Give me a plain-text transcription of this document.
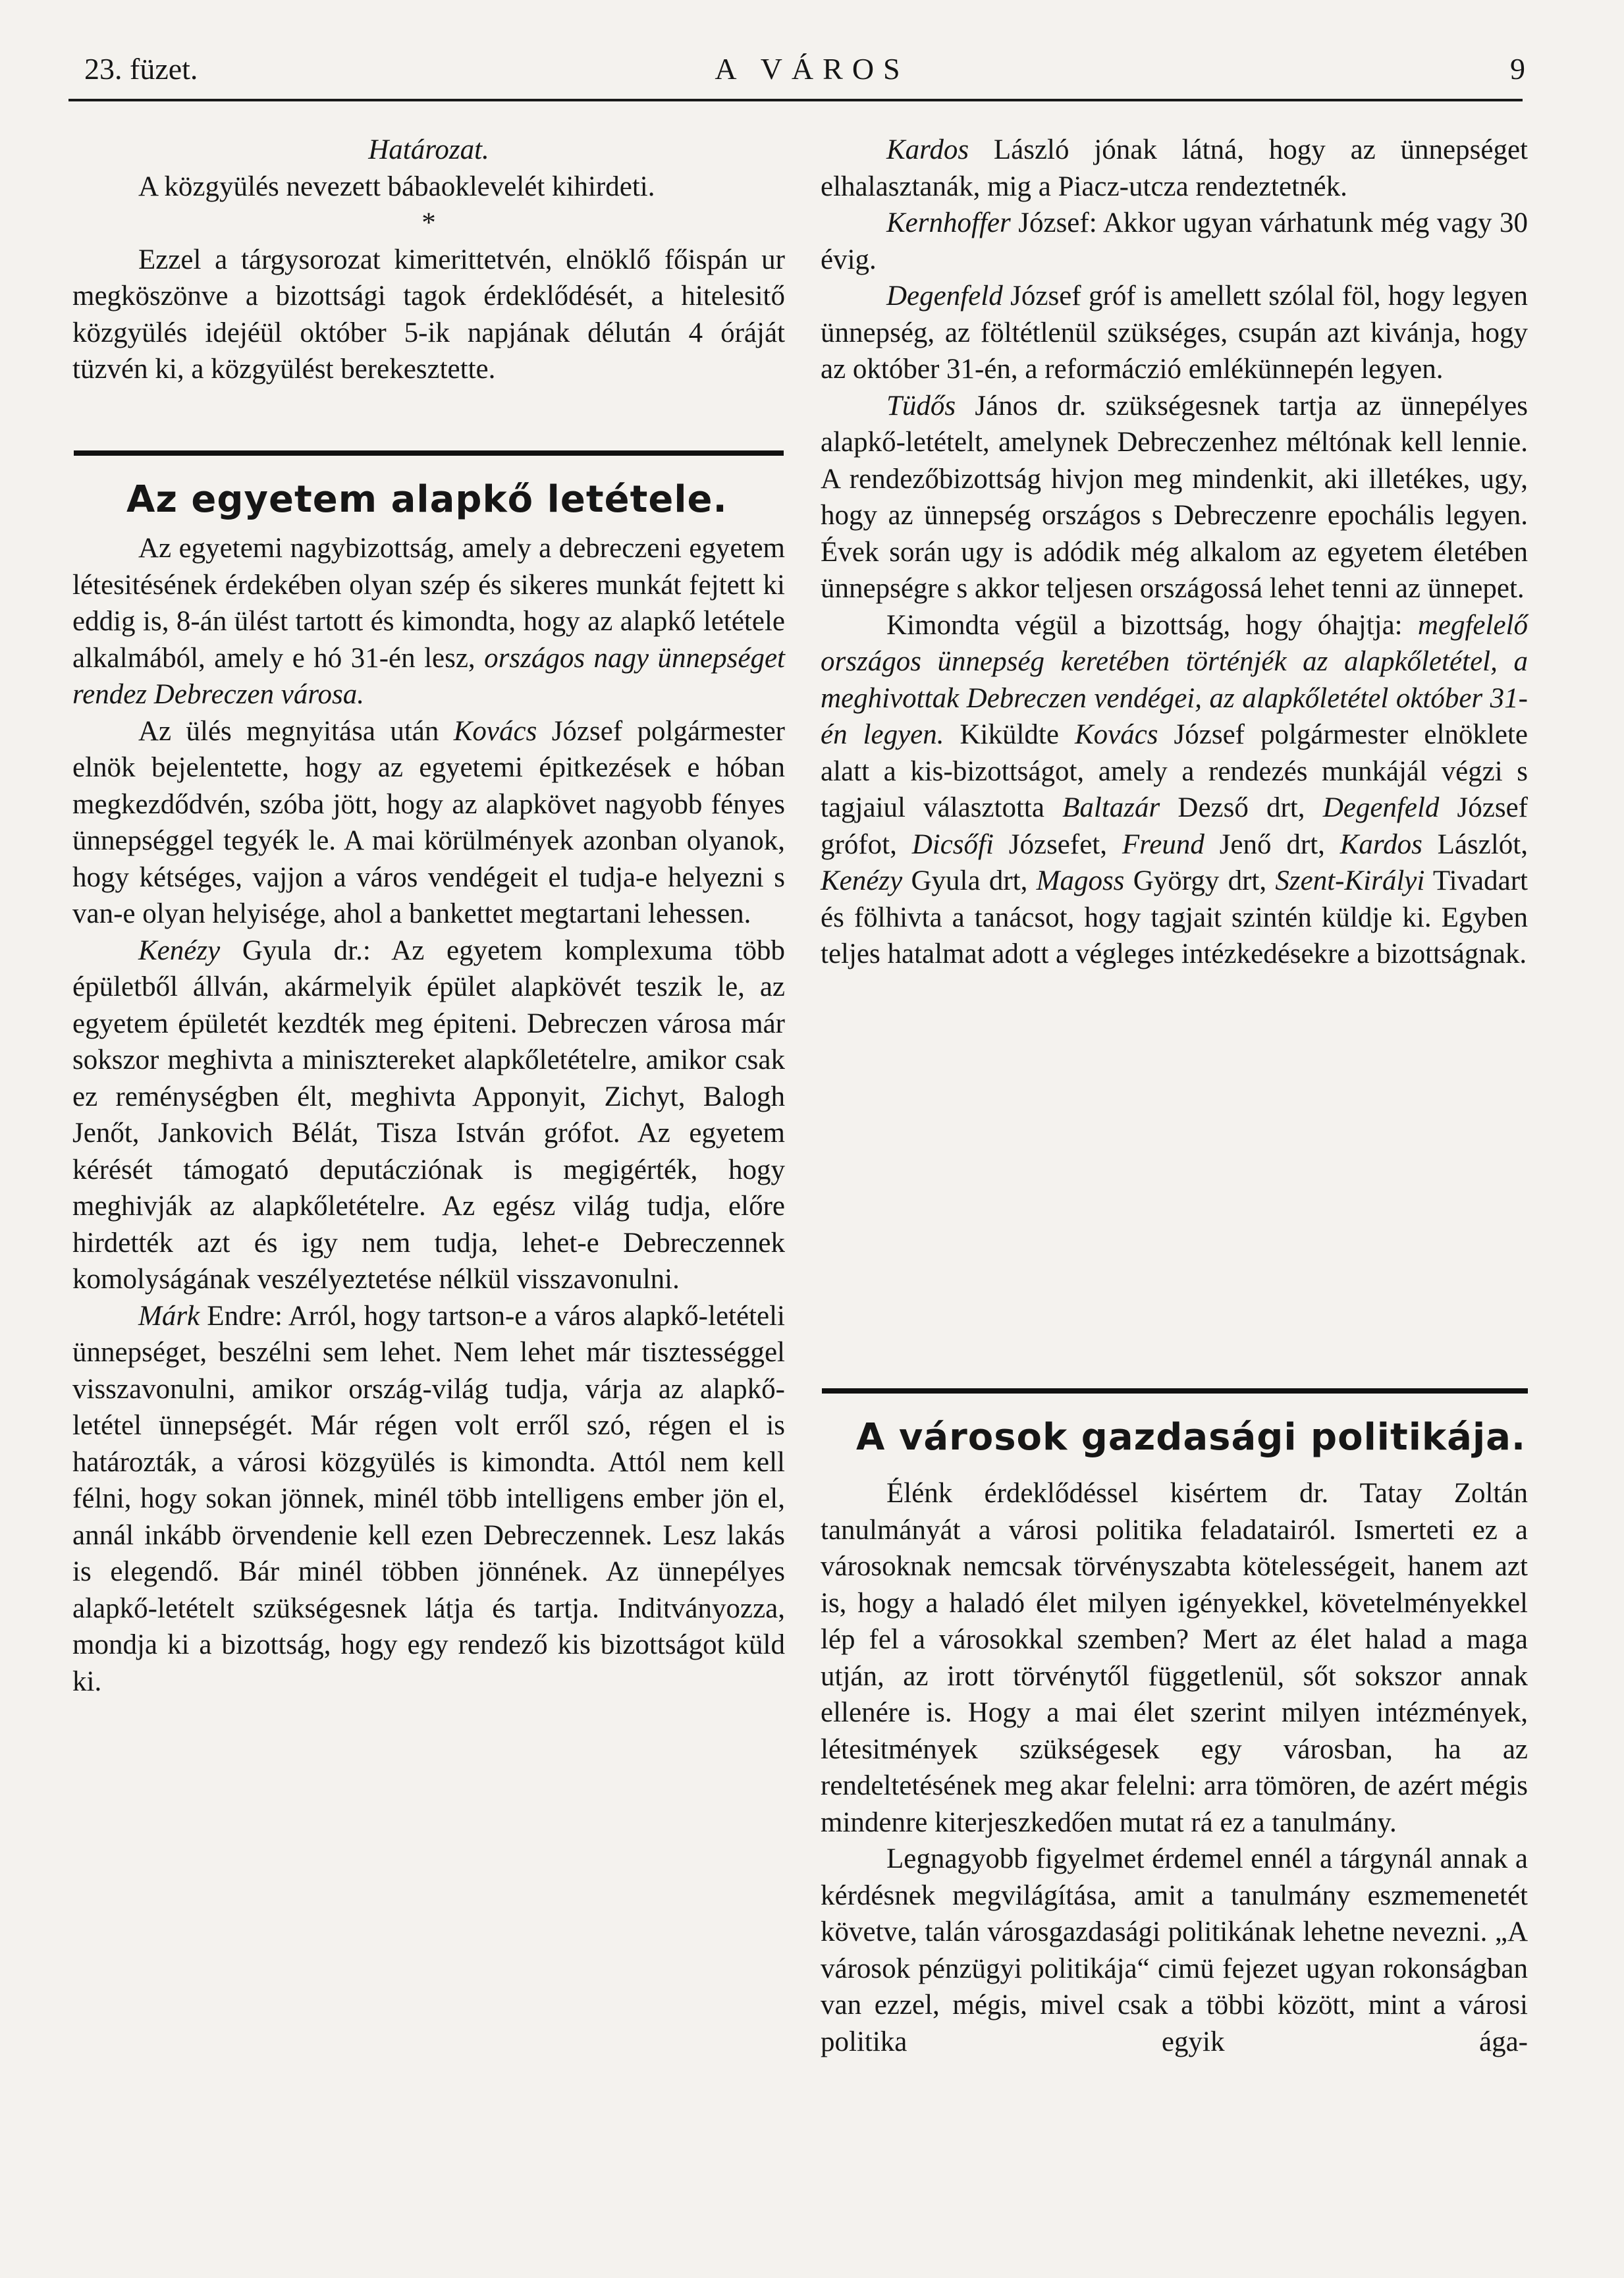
23. füzet.	A VÁROS	9

Határozat.

A közgyülés nevezett bábaoklevelét kihirdeti.

*

Ezzel a tárgysorozat kimerittetvén, elnöklő főispán ur megköszönve a bizottsági tagok érdeklődését, a hitelesitő közgyülés idejéül október 5-ik napjának délután 4 óráját tüzvén ki, a közgyülést berekesztette.

Az egyetem alapkő letétele.

Az egyetemi nagybizottság, amely a debreczeni egyetem létesitésének érdekében olyan szép és sikeres munkát fejtett ki eddig is, 8-án ülést tartott és kimondta, hogy az alapkő letétele alkalmából, amely e hó 31-én lesz, országos nagy ünnepséget rendez Debreczen városa.

Az ülés megnyitása után Kovács József polgármester elnök bejelentette, hogy az egyetemi épitkezések e hóban megkezdődvén, szóba jött, hogy az alapkövet nagyobb fényes ünnepséggel tegyék le. A mai körülmények azonban olyanok, hogy kétséges, vajjon a város vendégeit el tudja-e helyezni s van-e olyan helyisége, ahol a bankettet megtartani lehessen.

Kenézy Gyula dr.: Az egyetem komplexuma több épületből állván, akármelyik épület alapkövét teszik le, az egyetem épületét kezdték meg épiteni. Debreczen városa már sokszor meghivta a minisztereket alapkőletételre, amikor csak ez reménységben élt, meghivta Apponyit, Zichyt, Balogh Jenőt, Jankovich Bélát, Tisza István grófot. Az egyetem kérését támogató deputácziónak is megigérték, hogy meghivják az alapkőletételre. Az egész világ tudja, előre hirdették azt és igy nem tudja, lehet-e Debreczennek komolyságának veszélyeztetése nélkül visszavonulni.

Márk Endre: Arról, hogy tartson-e a város alapkő-letételi ünnepséget, beszélni sem lehet. Nem lehet már tisztességgel visszavonulni, amikor ország-világ tudja, várja az alapkő-letétel ünnepségét. Már régen volt erről szó, régen el is határozták, a városi közgyülés is kimondta. Attól nem kell félni, hogy sokan jönnek, minél több intelligens ember jön el, annál inkább örvendenie kell ezen Debreczennek. Lesz lakás is elegendő. Bár minél többen jönnének. Az ünnepélyes alapkő-letételt szükségesnek látja és tartja. Inditványozza, mondja ki a bizottság, hogy egy rendező kis bizottságot küld ki.

Kardos László jónak látná, hogy az ünnepséget elhalasztanák, mig a Piacz-utcza rendeztetnék.

Kernhoffer József: Akkor ugyan várhatunk még vagy 30 évig.

Degenfeld József gróf is amellett szólal föl, hogy legyen ünnepség, az föltétlenül szükséges, csupán azt kivánja, hogy az október 31-én, a reformáczió emlékünnepén legyen.

Tüdős János dr. szükségesnek tartja az ünnepélyes alapkő-letételt, amelynek Debreczenhez méltónak kell lennie. A rendezőbizottság hivjon meg mindenkit, aki illetékes, ugy, hogy az ünnepség országos s Debreczenre epochális legyen. Évek során ugy is adódik még alkalom az egyetem életében ünnepségre s akkor teljesen országossá lehet tenni az ünnepet.

Kimondta végül a bizottság, hogy óhajtja: megfelelő országos ünnepség keretében történjék az alapkőletétel, a meghivottak Debreczen vendégei, az alapkőletétel október 31-én legyen. Kiküldte Kovács József polgármester elnöklete alatt a kis-bizottságot, amely a rendezés munkájál végzi s tagjaiul választotta Baltazár Dezső drt, Degenfeld József grófot, Dicsőfi Józsefet, Freund Jenő drt, Kardos Lászlót, Kenézy Gyula drt, Magoss György drt, Szent-Királyi Tivadart és fölhivta a tanácsot, hogy tagjait szintén küldje ki. Egyben teljes hatalmat adott a végleges intézkedésekre a bizottságnak.

A városok gazdasági politikája.

Élénk érdeklődéssel kisértem dr. Tatay Zoltán tanulmányát a városi politika feladatairól. Ismerteti ez a városoknak nemcsak törvényszabta kötelességeit, hanem azt is, hogy a haladó élet milyen igényekkel, követelményekkel lép fel a városokkal szemben? Mert az élet halad a maga utján, az irott törvénytől függetlenül, sőt sokszor annak ellenére is. Hogy a mai élet szerint milyen intézmények, létesitmények szükségesek egy városban, ha az rendeltetésének meg akar felelni: arra tömören, de azért mégis mindenre kiterjeszkedően mutat rá ez a tanulmány.

Legnagyobb figyelmet érdemel ennél a tárgynál annak a kérdésnek megvilágítása, amit a tanulmány eszmemenetét követve, talán városgazdasági politikának lehetne nevezni. „A városok pénzügyi politikája“ cimü fejezet ugyan rokonságban van ezzel, mégis, mivel csak a többi között, mint a városi politika egyik ága-
